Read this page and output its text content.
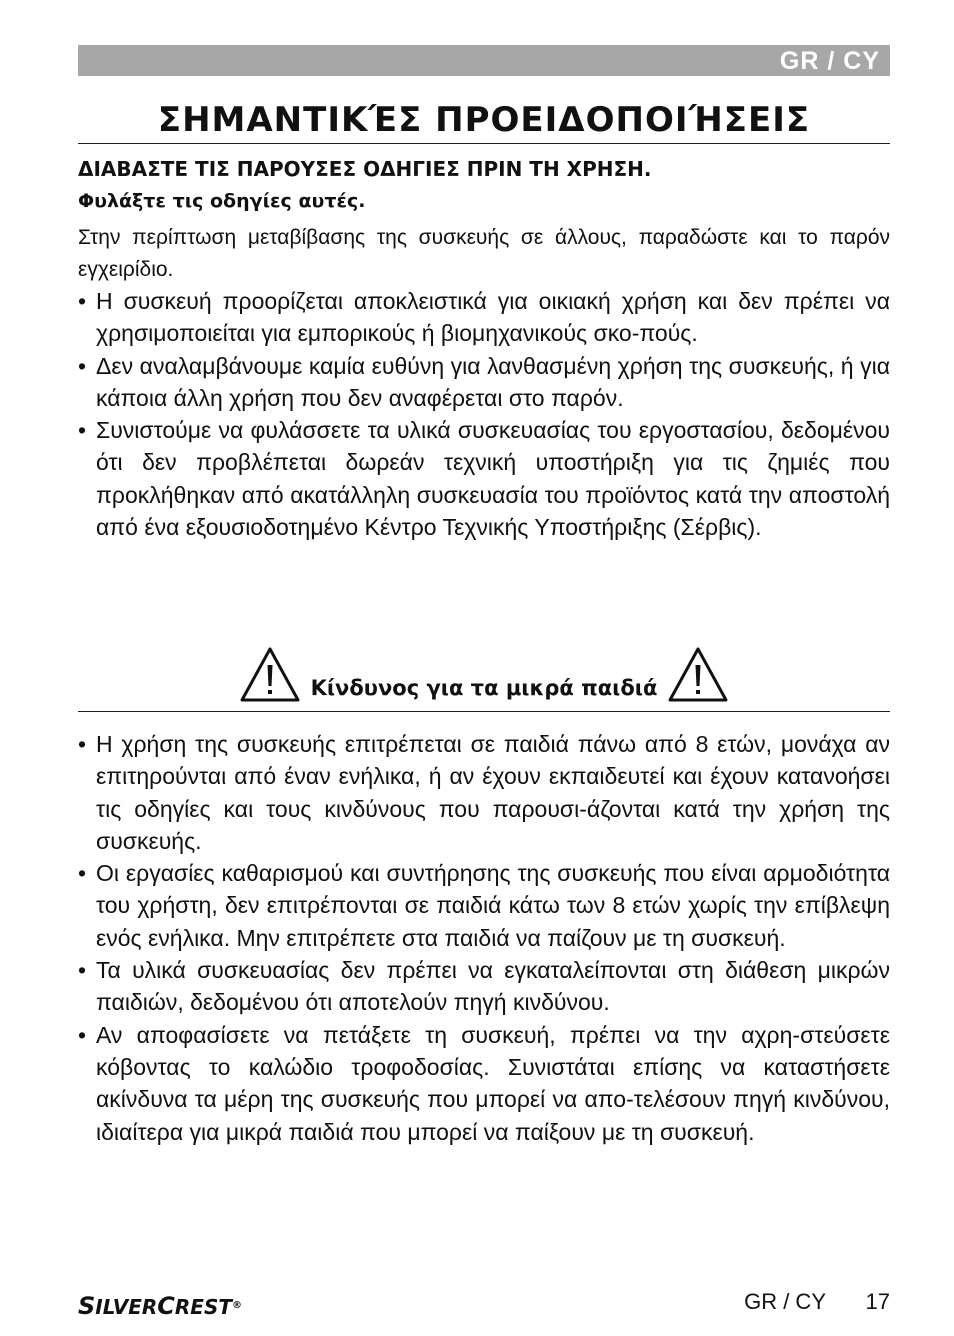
GR / CY
ΣΗΜΑΝΤΙΚΈΣ ΠΡΟΕΙΔΟΠΟΙΉΣΕΙΣ

ΔΙΑΒΑΣΤΕ ΤΙΣ ΠΑΡΟΥΣΕΣ ΟΔΗΓΙΕΣ ΠΡΙΝ ΤΗ ΧΡΗΣΗ.

Φυλάξτε τις οδηγίες αυτές.

Στην περίπτωση μεταβίβασης της συσκευής σε άλλους, παραδώστε και το παρόν εγχειρίδιο.

• Η συσκευή προορίζεται αποκλειστικά για οικιακή χρήση και δεν πρέπει να χρησιμοποιείται για εμπορικούς ή βιομηχανικούς σκο-πούς.
• Δεν αναλαμβάνουμε καμία ευθύνη για λανθασμένη χρήση της συσκευής, ή για κάποια άλλη χρήση που δεν αναφέρεται στο παρόν.
• Συνιστούμε να φυλάσσετε τα υλικά συσκευασίας του εργοστασίου, δεδομένου ότι δεν προβλέπεται δωρεάν τεχνική υποστήριξη για τις ζημιές που προκλήθηκαν από ακατάλληλη συσκευασία του προϊόντος κατά την αποστολή από ένα εξουσιοδοτημένο Κέντρο Τεχνικής Υποστήριξης (Σέρβις).
Κίνδυνος για τα μικρά παιδιά
• Η χρήση της συσκευής επιτρέπεται σε παιδιά πάνω από 8 ετών, μονάχα αν επιτηρούνται από έναν ενήλικα, ή αν έχουν εκπαιδευτεί και έχουν κατανοήσει τις οδηγίες και τους κινδύνους που παρουσι-άζονται κατά την χρήση της συσκευής.
• Οι εργασίες καθαρισμού και συντήρησης της συσκευής που είναι αρμοδιότητα του χρήστη, δεν επιτρέπονται σε παιδιά κάτω των 8 ετών χωρίς την επίβλεψη ενός ενήλικα. Μην επιτρέπετε στα παιδιά να παίζουν με τη συσκευή.
• Τα υλικά συσκευασίας δεν πρέπει να εγκαταλείπονται στη διάθεση μικρών παιδιών, δεδομένου ότι αποτελούν πηγή κινδύνου.
• Αν αποφασίσετε να πετάξετε τη συσκευή, πρέπει να την αχρη-στεύσετε κόβοντας το καλώδιο τροφοδοσίας. Συνιστάται επίσης να καταστήσετε ακίνδυνα τα μέρη της συσκευής που μπορεί να απο-τελέσουν πηγή κινδύνου, ιδιαίτερα για μικρά παιδιά που μπορεί να παίξουν με τη συσκευή.
SILVERCREST®	GR / CY 17
